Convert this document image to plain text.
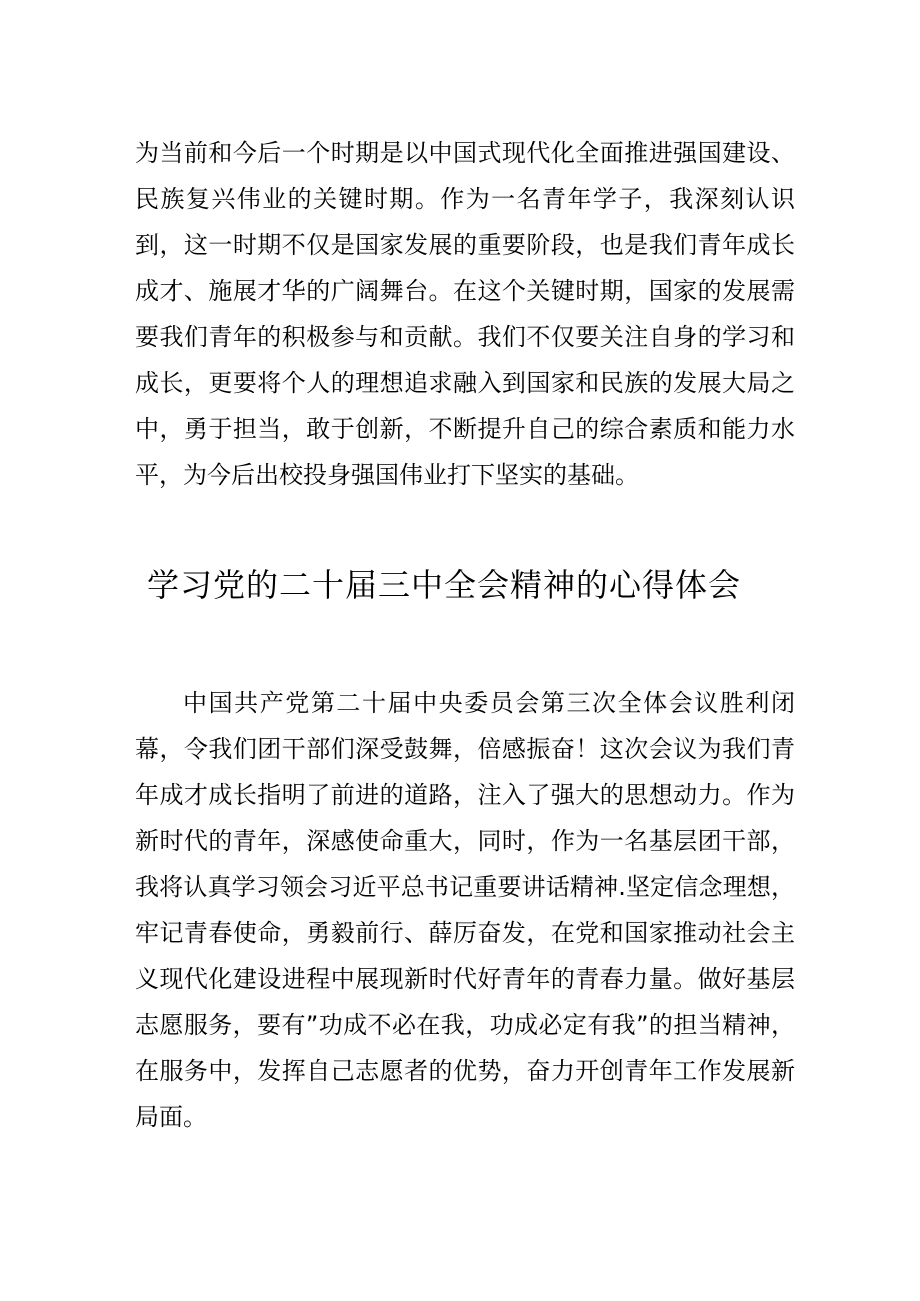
为当前和今后一个时期是以中国式现代化全面推进强国建设、民族复兴伟业的关键时期。作为一名青年学子，我深刻认识到，这一时期不仅是国家发展的重要阶段，也是我们青年成长成才、施展才华的广阔舞台。在这个关键时期，国家的发展需要我们青年的积极参与和贡献。我们不仅要关注自身的学习和成长，更要将个人的理想追求融入到国家和民族的发展大局之中，勇于担当，敢于创新，不断提升自己的综合素质和能力水平，为今后出校投身强国伟业打下坚实的基础。

学习党的二十届三中全会精神的心得体会

中国共产党第二十届中央委员会第三次全体会议胜利闭幕，令我们团干部们深受鼓舞，倍感振奋！这次会议为我们青年成才成长指明了前进的道路，注入了强大的思想动力。作为新时代的青年，深感使命重大，同时，作为一名基层团干部，我将认真学习领会习近平总书记重要讲话精神.坚定信念理想，牢记青春使命，勇毅前行、薛厉奋发，在党和国家推动社会主义现代化建设进程中展现新时代好青年的青春力量。做好基层志愿服务，要有”功成不必在我，功成必定有我”的担当精神，在服务中，发挥自己志愿者的优势，奋力开创青年工作发展新局面。
